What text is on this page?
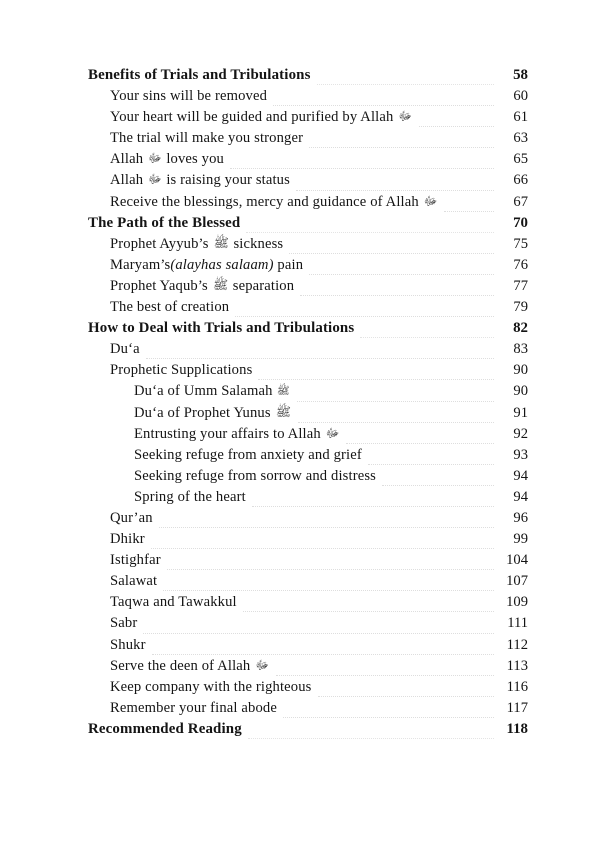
Benefits of Trials and Tribulations	58
Your sins will be removed	60
Your heart will be guided and purified by Allah ﷻ	61
The trial will make you stronger	63
Allah ﷻ loves you	65
Allah ﷻ is raising your status	66
Receive the blessings, mercy and guidance of Allah ﷻ	67
The Path of the Blessed	70
Prophet Ayyub’s ﷺ sickness	75
Maryam’s(alayhas salaam) pain	76
Prophet Yaqub’s ﷺ separation	77
The best of creation	79
How to Deal with Trials and Tribulations	82
Duʻa	83
Prophetic Supplications	90
Duʻa of Umm Salamah ﷺ	90
Duʻa of Prophet Yunus ﷺ	91
Entrusting your affairs to Allah ﷻ	92
Seeking refuge from anxiety and grief	93
Seeking refuge from sorrow and distress	94
Spring of the heart	94
Qur’an	96
Dhikr	99
Istighfar	104
Salawat	107
Taqwa and Tawakkul	109
Sabr	111
Shukr	112
Serve the deen of Allah ﷻ	113
Keep company with the righteous	116
Remember your final abode	117
Recommended Reading	118
